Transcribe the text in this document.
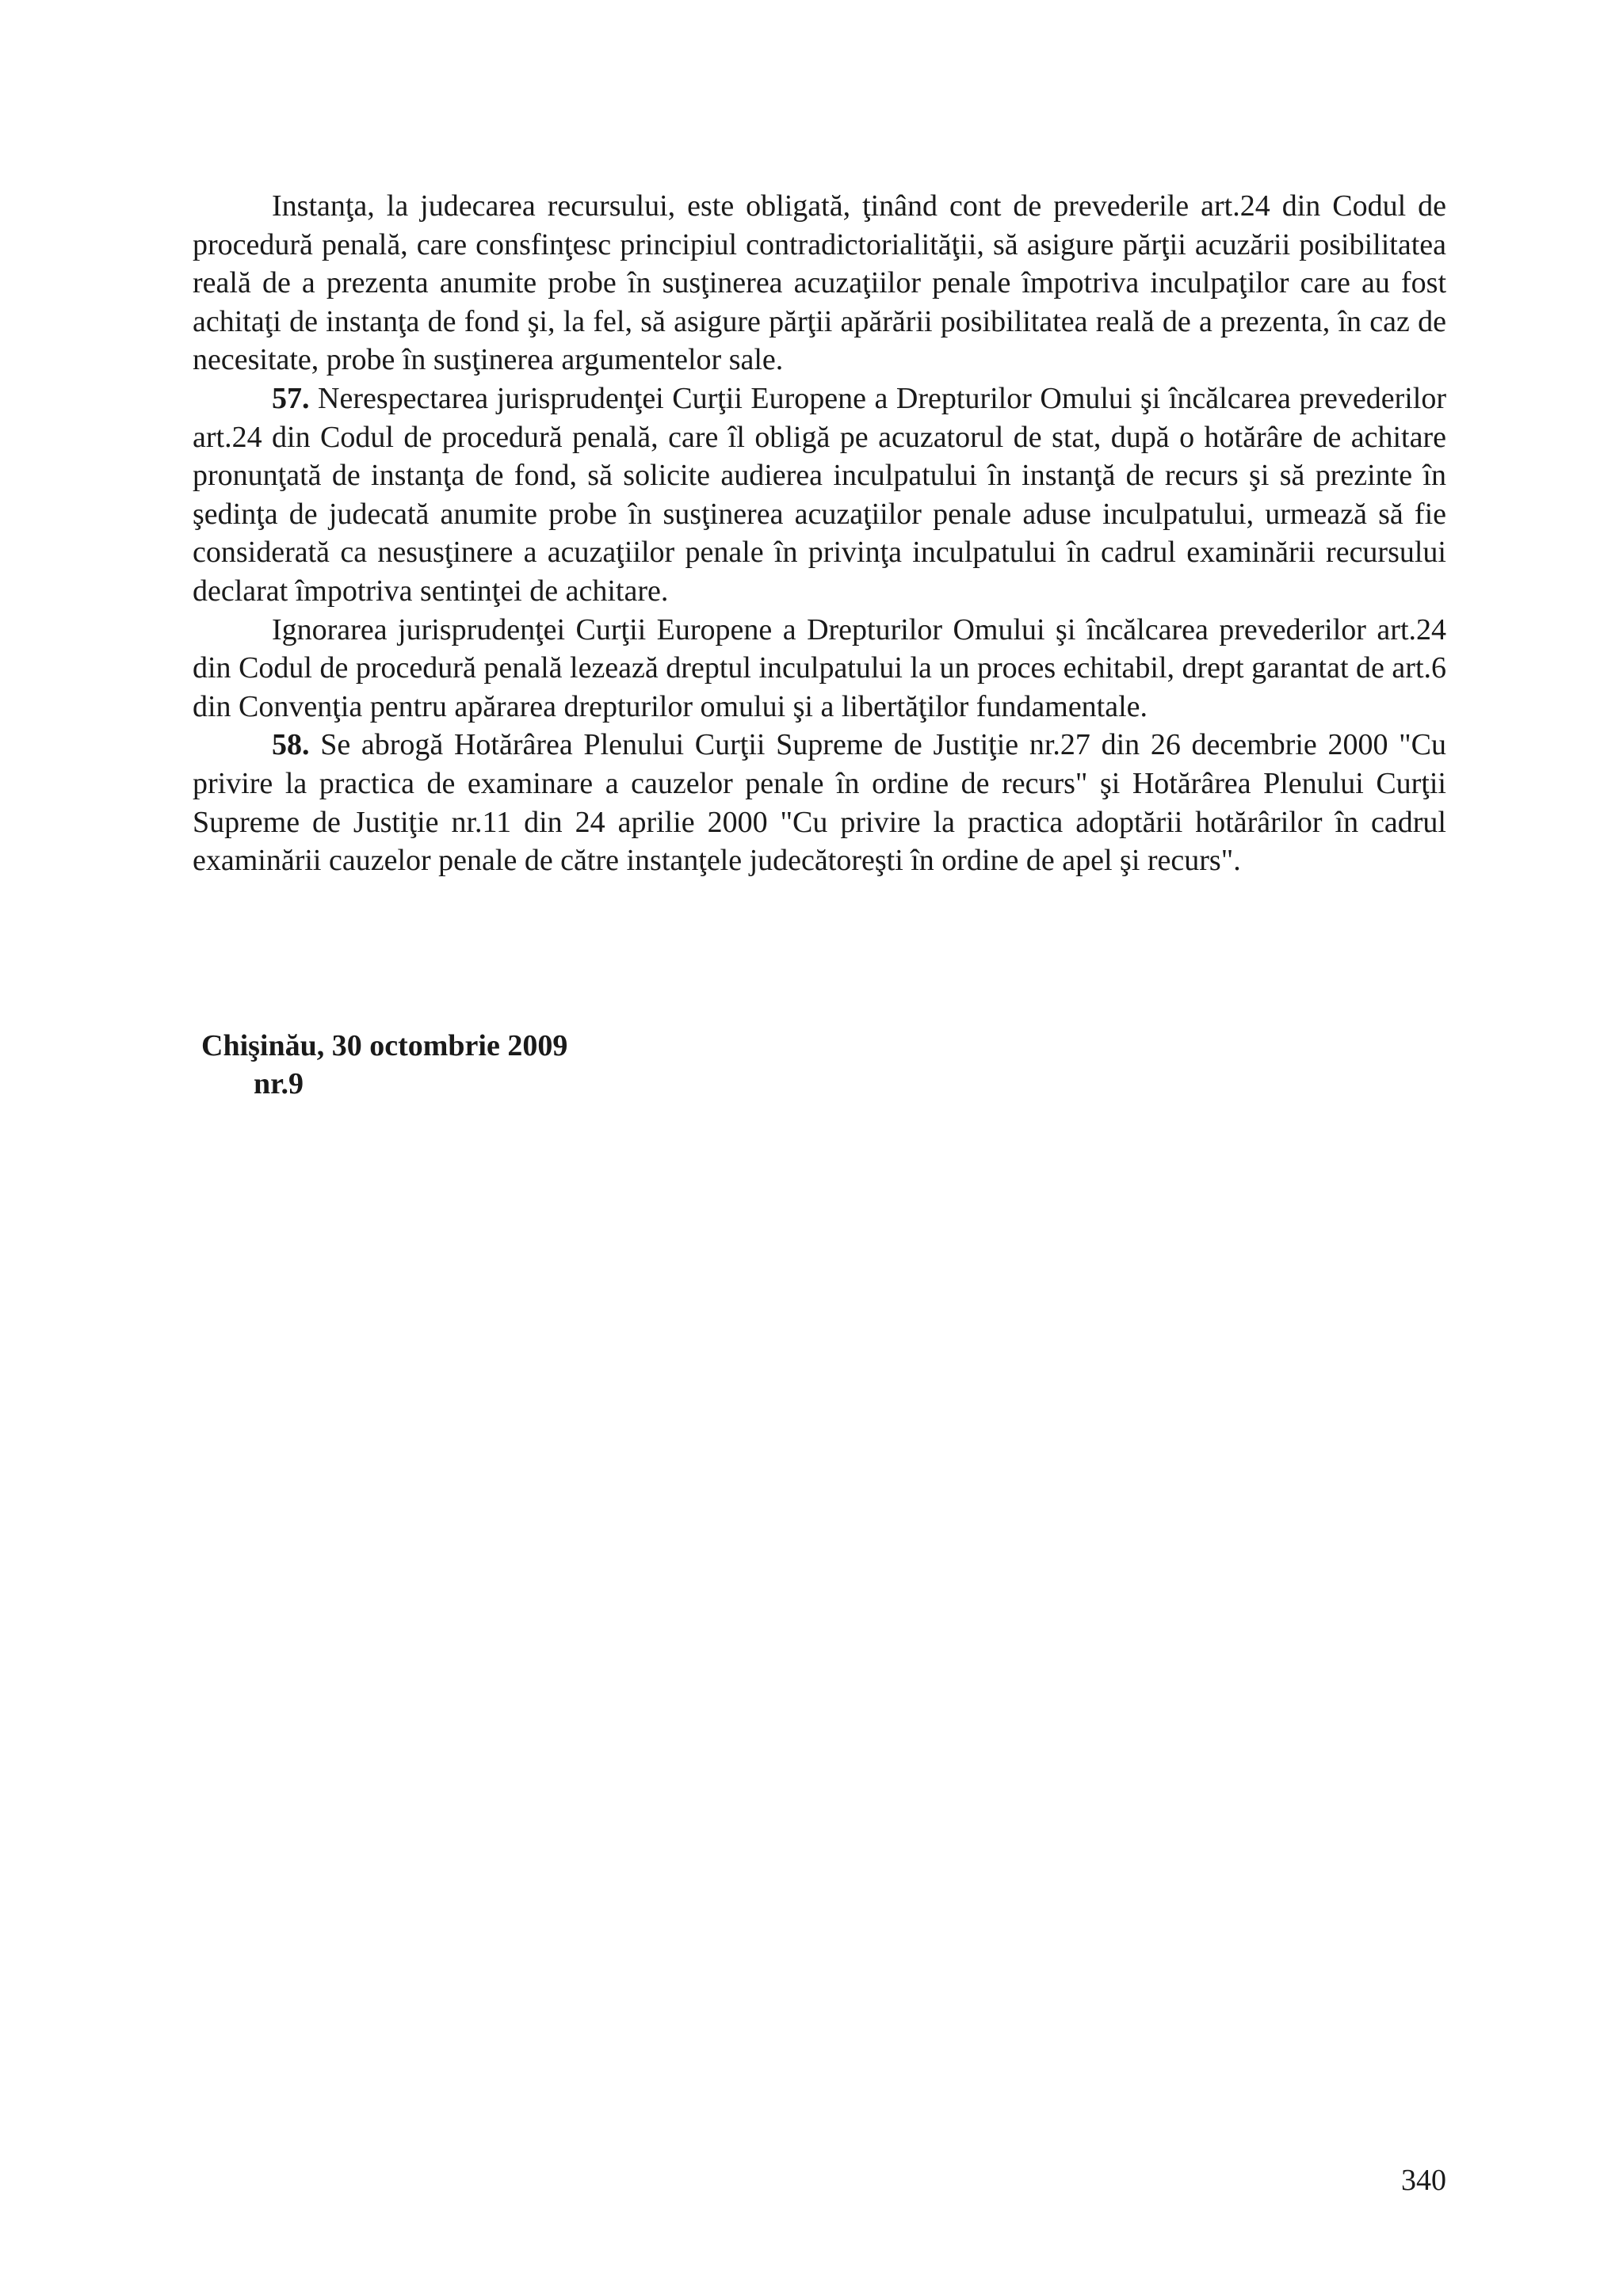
Instanţa, la judecarea recursului, este obligată, ţinând cont de prevederile art.24 din Codul de procedură penală, care consfinţesc principiul contradictorialităţii, să asigure părţii acuzării posibilitatea reală de a prezenta anumite probe în susţinerea acuzaţiilor penale împotriva inculpaţilor care au fost achitaţi de instanţa de fond şi, la fel, să asigure părţii apărării posibilitatea reală de a prezenta, în caz de necesitate, probe în susţinerea argumentelor sale.

57. Nerespectarea jurisprudenţei Curţii Europene a Drepturilor Omului şi încălcarea prevederilor art.24 din Codul de procedură penală, care îl obligă pe acuzatorul de stat, după o hotărâre de achitare pronunţată de instanţa de fond, să solicite audierea inculpatului în instanţă de recurs şi să prezinte în şedinţa de judecată anumite probe în susţinerea acuzaţiilor penale aduse inculpatului, urmează să fie considerată ca nesusţinere a acuzaţiilor penale în privinţa inculpatului în cadrul examinării recursului declarat împotriva sentinţei de achitare.

Ignorarea jurisprudenţei Curţii Europene a Drepturilor Omului şi încălcarea prevederilor art.24 din Codul de procedură penală lezează dreptul inculpatului la un proces echitabil, drept garantat de art.6 din Convenţia pentru apărarea drepturilor omului şi a libertăţilor fundamentale.

58. Se abrogă Hotărârea Plenului Curţii Supreme de Justiţie nr.27 din 26 decembrie 2000 "Cu privire la practica de examinare a cauzelor penale în ordine de recurs" şi Hotărârea Plenului Curţii Supreme de Justiţie nr.11 din 24 aprilie 2000 "Cu privire la practica adoptării hotărârilor în cadrul examinării cauzelor penale de către instanţele judecătoreşti în ordine de apel şi recurs".

Chişinău, 30 octombrie 2009
nr.9
340
